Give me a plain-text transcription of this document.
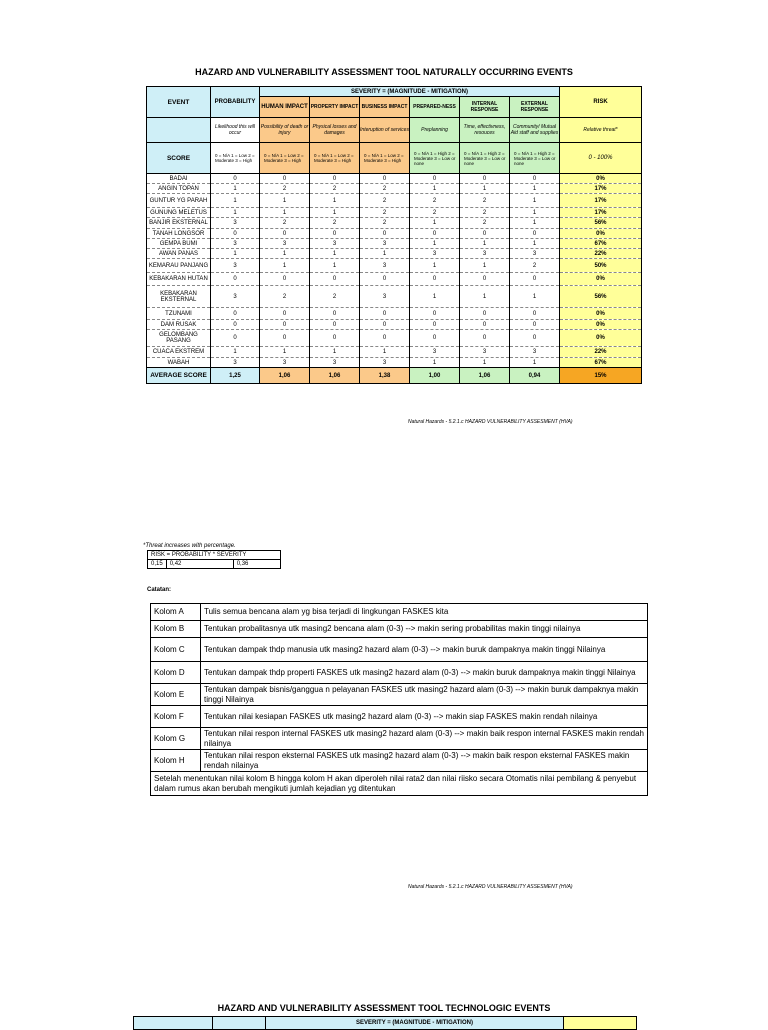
HAZARD AND VULNERABILITY ASSESSMENT TOOL NATURALLY OCCURRING EVENTS
EVENT	PROBABILITY	SEVERITY = (MAGNITUDE - MITIGATION)						RISK
		HUMAN IMPACT	PROPERTY IMPACT	BUSINESS IMPACT	PREPARED-NESS	INTERNAL RESPONSE	EXTERNAL RESPONSE	
	Likelihood this will occur	Possibility of death or injury	Physical losses and damages	Interuption of services	Preplanning	Time, effectivness, resouces	Community/ Mutual Aid staff and supplies	Relative threat*
SCORE	0 = N/A 1 = Low 2 = Moderate 3 = High	0 = N/A 1 = Low 2 = Moderate 3 = High	0 = N/A 1 = Low 2 = Moderate 3 = High	0 = N/A 1 = Low 2 = Moderate 3 = High	0 = N/A 1 = High 2 = Moderate 3 = Low or none	0 = N/A 1 = High 2 = Moderate 3 = Low or none	0 = N/A 1 = High 2 = Moderate 3 = Low or none	0 - 100%
BADAI	0	0	0	0	0	0	0	0%
ANGIN TOPAN	1	2	2	2	1	1	1	17%
GUNTUR YG PARAH	1	1	1	2	2	2	1	17%
GUNUNG MELETUS	1	1	1	2	2	2	1	17%
BANJIR EKSTERNAL	3	2	2	2	1	2	1	56%
TANAH LONGSOR	0	0	0	0	0	0	0	0%
GEMPA BUMI	3	3	3	3	1	1	1	67%
AWAN PANAS	1	1	1	1	3	3	3	22%
KEMARAU PANJANG	3	1	1	3	1	1	2	50%
KEBAKARAN HUTAN	0	0	0	0	0	0	0	0%
KEBAKARAN EKSTERNAL	3	2	2	3	1	1	1	56%
TZUNAMI	0	0	0	0	0	0	0	0%
DAM RUSAK	0	0	0	0	0	0	0	0%
GELOMBANG PASANG	0	0	0	0	0	0	0	0%
CUACA EKSTREM	1	1	1	1	3	3	3	22%
WABAH	3	3	3	3	1	1	1	67%
AVERAGE SCORE	1,25	1,06	1,06	1,38	1,00	1,06	0,94	15%
Natural Hazards - 5.2.1.c HAZARD VULNERABILITY ASSESMENT (HVA)
*Threat increases with percentage.
RISK = PROBABILITY * SEVERITY
0,15	0,42	0,36
Catatan:
Kolom A	Tulis semua bencana alam yg bisa terjadi di lingkungan FASKES kita
Kolom B	Tentukan probalitasnya utk masing2 bencana alam (0-3) --> makin sering probabilitas makin tinggi nilainya
Kolom C	Tentukan dampak thdp manusia utk masing2 hazard alam (0-3) --> makin buruk dampaknya makin tinggi Nilainya
Kolom D	Tentukan dampak thdp properti FASKES utk masing2 hazard alam (0-3) --> makin buruk dampaknya makin tinggi Nilainya
Kolom E	Tentukan dampak bisnis/ganggua n pelayanan FASKES utk masing2 hazard alam (0-3) --> makin buruk dampaknya makin tinggi Nilainya
Kolom F	Tentukan nilai kesiapan FASKES utk masing2 hazard alam (0-3) --> makin siap FASKES makin rendah nilainya
Kolom G	Tentukan nilai respon internal FASKES utk masing2 hazard alam (0-3) --> makin baik respon internal FASKES makin rendah nilainya
Kolom H	Tentukan nilai respon eksternal FASKES utk masing2 hazard alam (0-3) --> makin baik respon eksternal FASKES makin rendah nilainya
Setelah menentukan nilai kolom B hingga kolom H akan diperoleh nilai rata2 dan nilai riisko secara Otomatis nilai pembilang & penyebut dalam rumus akan berubah mengikuti jumlah kejadian yg ditentukan	
Natural Hazards - 5.2.1.c HAZARD VULNERABILITY ASSESMENT (HVA)
HAZARD AND VULNERABILITY ASSESSMENT TOOL TECHNOLOGIC EVENTS
		SEVERITY = (MAGNITUDE - MITIGATION)	
